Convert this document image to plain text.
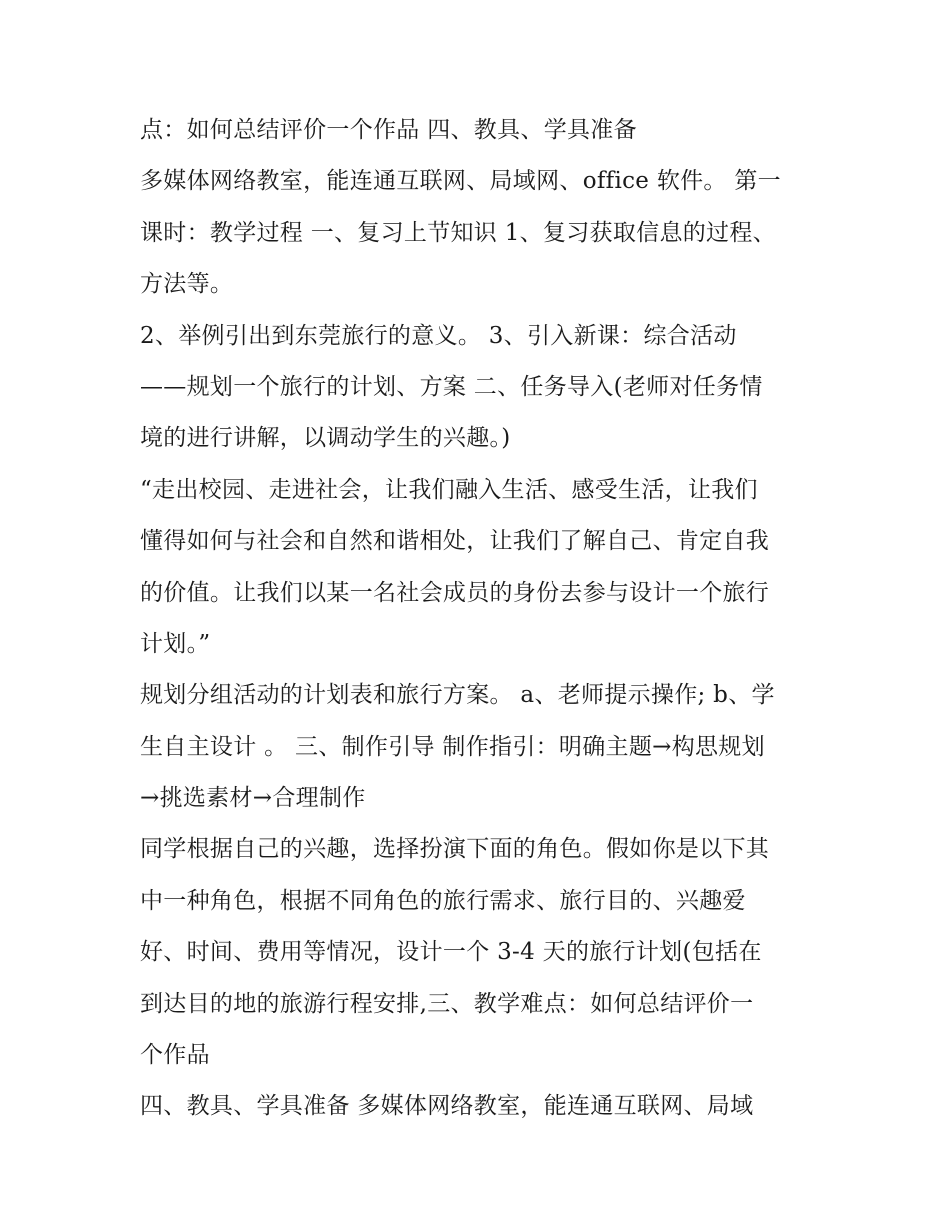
点：如何总结评价一个作品 四、教具、学具准备
多媒体网络教室，能连通互联网、局域网、office 软件。 第一
课时：教学过程 一、复习上节知识 1、复习获取信息的过程、
方法等。
2、举例引出到东莞旅行的意义。 3、引入新课：综合活动
——规划一个旅行的计划、方案 二、任务导入(老师对任务情
境的进行讲解，以调动学生的兴趣。)
“走出校园、走进社会，让我们融入生活、感受生活，让我们
懂得如何与社会和自然和谐相处，让我们了解自己、肯定自我
的价值。让我们以某一名社会成员的身份去参与设计一个旅行
计划。”
规划分组活动的计划表和旅行方案。 a、老师提示操作; b、学
生自主设计 。 三、制作引导 制作指引：明确主题→构思规划
→挑选素材→合理制作
同学根据自己的兴趣，选择扮演下面的角色。假如你是以下其
中一种角色，根据不同角色的旅行需求、旅行目的、兴趣爱
好、时间、费用等情况，设计一个 3-4 天的旅行计划(包括在
到达目的地的旅游行程安排,三、教学难点：如何总结评价一
个作品
四、教具、学具准备 多媒体网络教室，能连通互联网、局域
